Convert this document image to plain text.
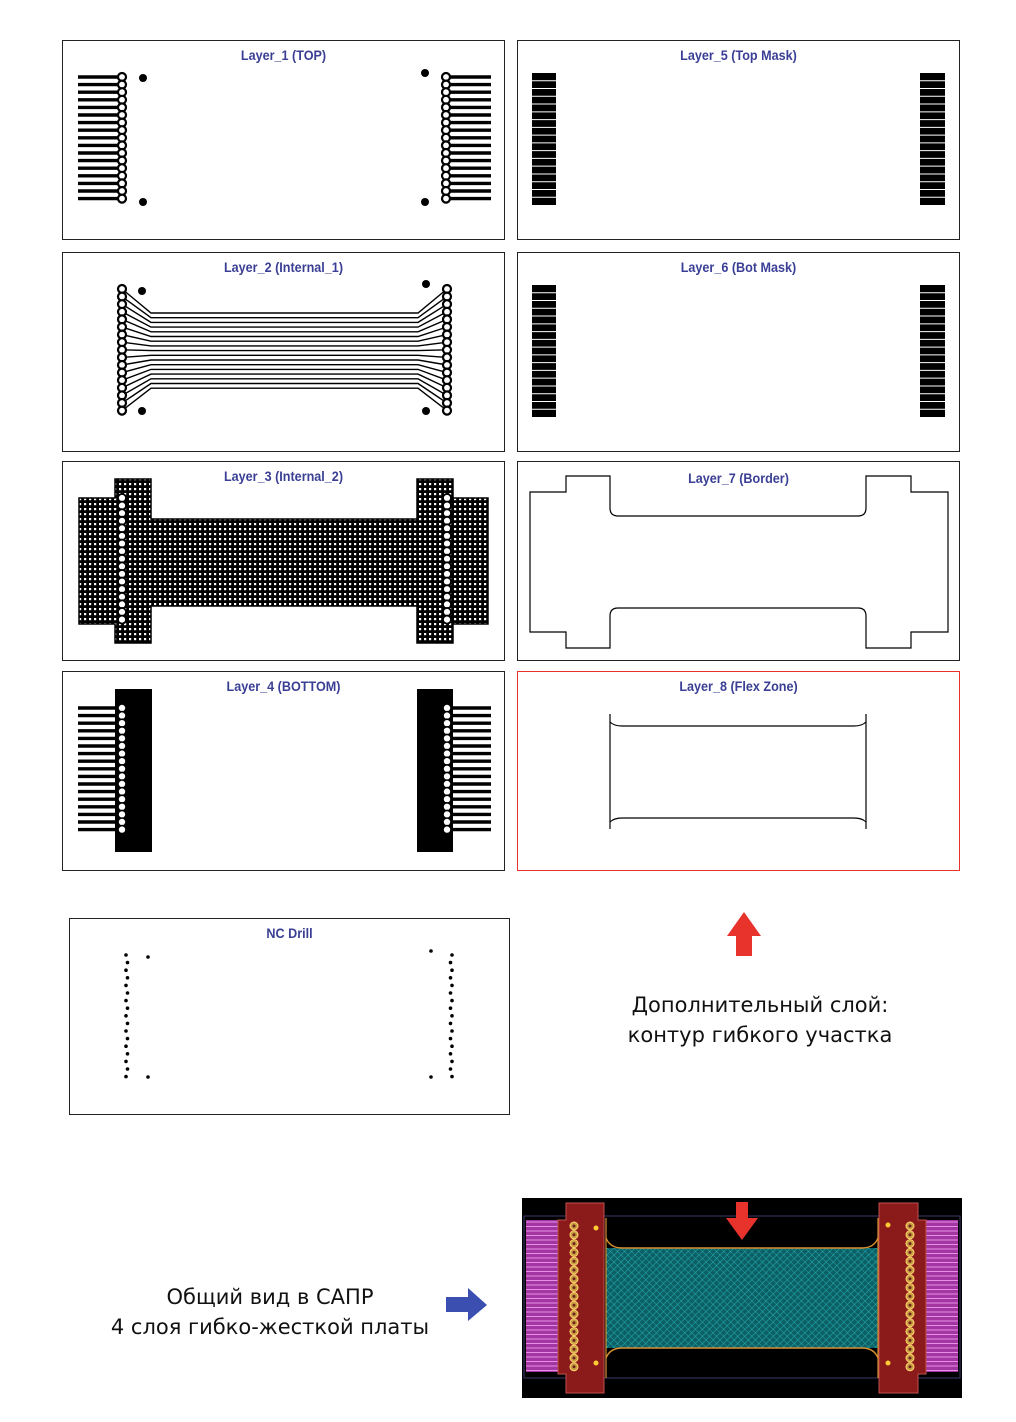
Layer_1 (TOP)	Layer_5 (Top Mask)
Layer_2 (Internal_1)	Layer_6 (Bot Mask)
Layer_3 (Internal_2)	Layer_7 (Border)
Layer_4 (BOTTOM)	Layer_8 (Flex Zone)
NC Drill
Дополнительный слой:
контур гибкого участка
Общий вид в САПР
4 слоя гибко-жесткой платы
